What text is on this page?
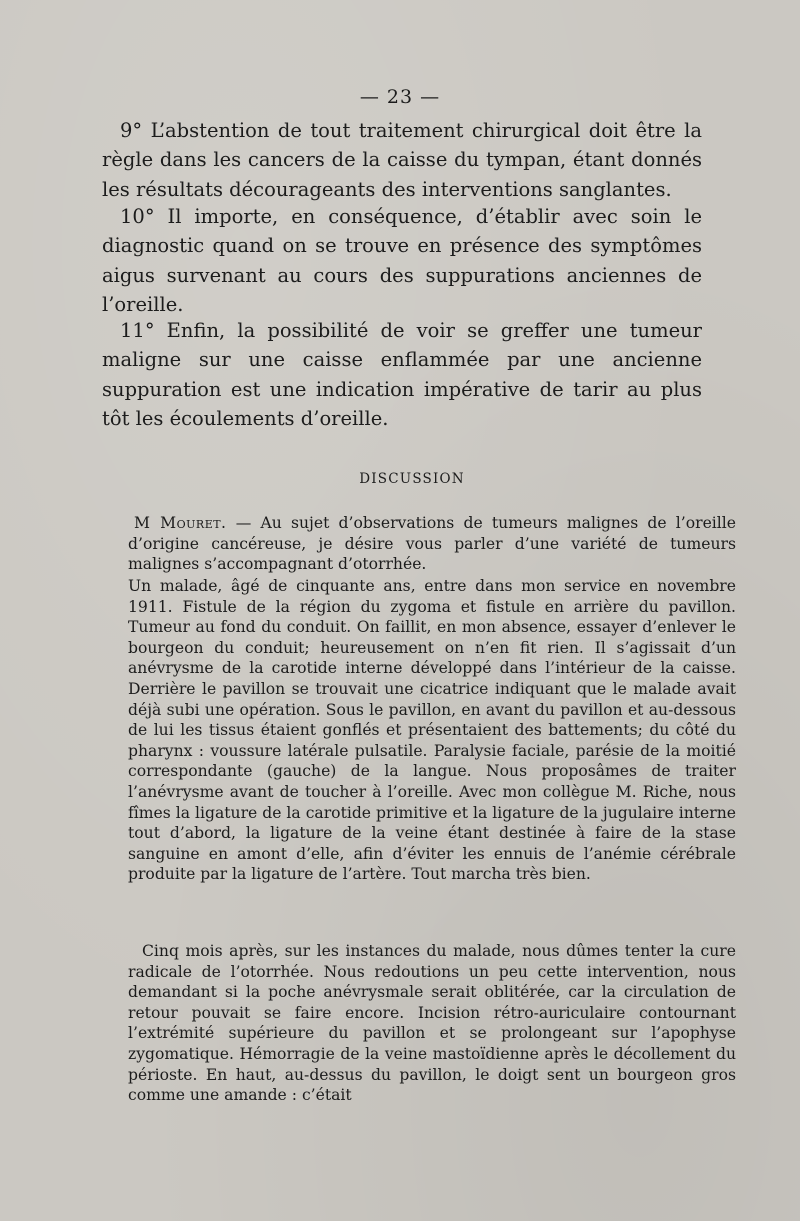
— 23 —

9° L’abstention de tout traitement chirurgical doit être la règle dans les cancers de la caisse du tympan, étant donnés les résultats décourageants des interventions sanglantes.

10° Il importe, en conséquence, d’établir avec soin le diagnostic quand on se trouve en présence des symptômes aigus survenant au cours des suppurations anciennes de l’oreille.

11° Enfin, la possibilité de voir se greffer une tumeur maligne sur une caisse enflammée par une ancienne suppuration est une indication impérative de tarir au plus tôt les écoulements d’oreille.

DISCUSSION

M Mouret. — Au sujet d’observations de tumeurs malignes de l’oreille d’origine cancéreuse, je désire vous parler d’une variété de tumeurs malignes s’accompagnant d’otorrhée.

Un malade, âgé de cinquante ans, entre dans mon service en novembre 1911. Fistule de la région du zygoma et fistule en arrière du pavillon. Tumeur au fond du conduit. On faillit, en mon absence, essayer d’enlever le bourgeon du conduit; heureusement on n’en fit rien. Il s’agissait d’un anévrysme de la carotide interne développé dans l’intérieur de la caisse. Derrière le pavillon se trouvait une cicatrice indiquant que le malade avait déjà subi une opération. Sous le pavillon, en avant du pavillon et au-dessous de lui les tissus étaient gonflés et présentaient des battements; du côté du pharynx : voussure latérale pulsatile. Paralysie faciale, parésie de la moitié correspondante (gauche) de la langue. Nous proposâmes de traiter l’anévrysme avant de toucher à l’oreille. Avec mon collègue M. Riche, nous fîmes la ligature de la carotide primitive et la ligature de la jugulaire interne tout d’abord, la ligature de la veine étant destinée à faire de la stase sanguine en amont d’elle, afin d’éviter les ennuis de l’anémie cérébrale produite par la ligature de l’artère. Tout marcha très bien.

Cinq mois après, sur les instances du malade, nous dûmes tenter la cure radicale de l’otorrhée. Nous redoutions un peu cette intervention, nous demandant si la poche anévrysmale serait oblitérée, car la circulation de retour pouvait se faire encore. Incision rétro-auriculaire contournant l’extrémité supérieure du pavillon et se prolongeant sur l’apophyse zygomatique. Hémorragie de la veine mastoïdienne après le décollement du périoste. En haut, au-dessus du pavillon, le doigt sent un bourgeon gros comme une amande : c’était
